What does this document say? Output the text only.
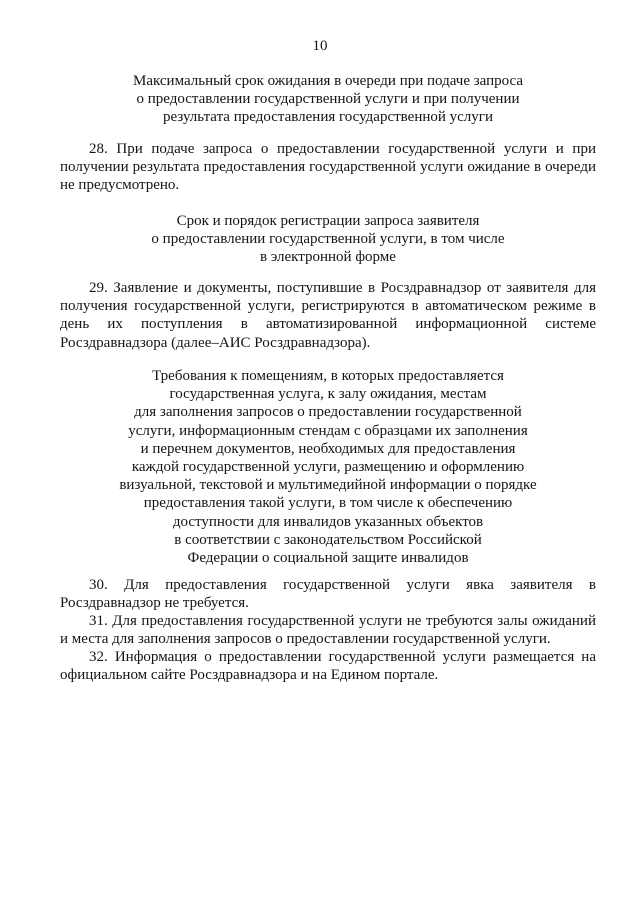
10
Максимальный срок ожидания в очереди при подаче запроса
о предоставлении государственной услуги и при получении
результата предоставления государственной услуги
28. При подаче запроса о предоставлении государственной услуги и при
получении результата предоставления государственной услуги ожидание в очереди
не предусмотрено.
Срок и порядок регистрации запроса заявителя
о предоставлении государственной услуги, в том числе
в электронной форме
29. Заявление и документы, поступившие в Росздравнадзор от заявителя для
получения государственной услуги, регистрируются в автоматическом режиме в
день их поступления в автоматизированной информационной системе
Росздравнадзора (далее–АИС Росздравнадзора).
Требования к помещениям, в которых предоставляется
государственная услуга, к залу ожидания, местам
для заполнения запросов о предоставлении государственной
услуги, информационным стендам с образцами их заполнения
и перечнем документов, необходимых для предоставления
каждой государственной услуги, размещению и оформлению
визуальной, текстовой и мультимедийной информации о порядке
предоставления такой услуги, в том числе к обеспечению
доступности для инвалидов указанных объектов
в соответствии с законодательством Российской
Федерации о социальной защите инвалидов
30. Для предоставления государственной услуги явка заявителя в
Росздравнадзор не требуется.
31. Для предоставления государственной услуги не требуются залы ожиданий
и места для заполнения запросов о предоставлении государственной услуги.
32. Информация о предоставлении государственной услуги размещается на
официальном сайте Росздравнадзора и на Едином портале.
